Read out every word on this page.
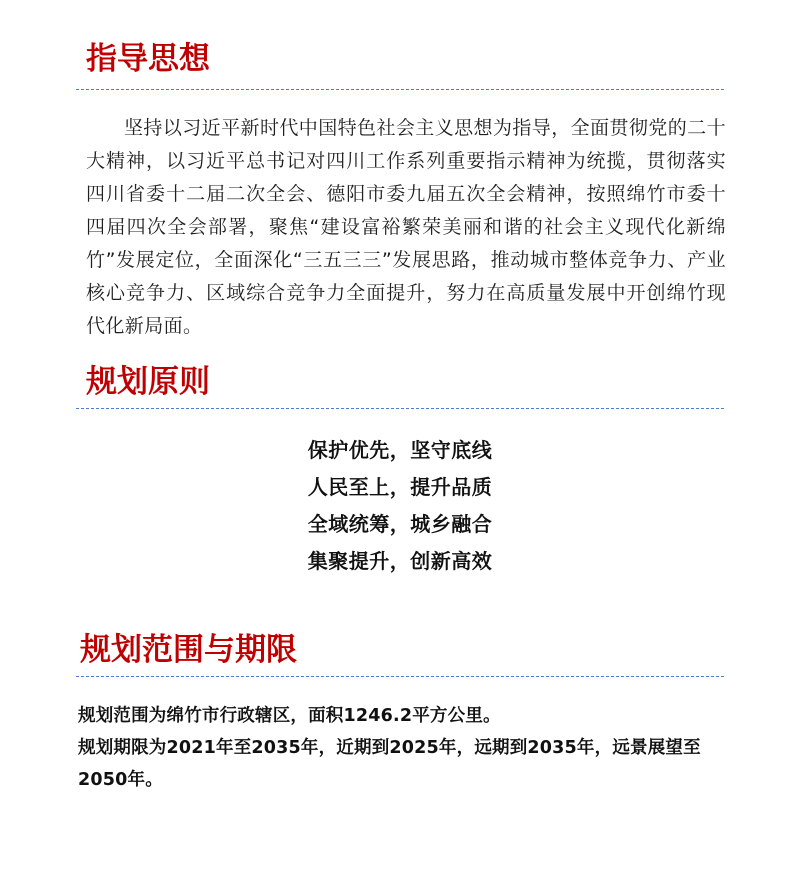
指导思想

坚持以习近平新时代中国特色社会主义思想为指导，全面贯彻党的二十大精神，以习近平总书记对四川工作系列重要指示精神为统揽，贯彻落实四川省委十二届二次全会、德阳市委九届五次全会精神，按照绵竹市委十四届四次全会部署，聚焦“建设富裕繁荣美丽和谐的社会主义现代化新绵竹”发展定位，全面深化“三五三三”发展思路，推动城市整体竞争力、产业核心竞争力、区域综合竞争力全面提升，努力在高质量发展中开创绵竹现代化新局面。

规划原则
保护优先，坚守底线
人民至上，提升品质
全域统筹，城乡融合
集聚提升，创新高效
规划范围与期限

规划范围为绵竹市行政辖区，面积1246.2平方公里。

规划期限为2021年至2035年，近期到2025年，远期到2035年，远景展望至2050年。
